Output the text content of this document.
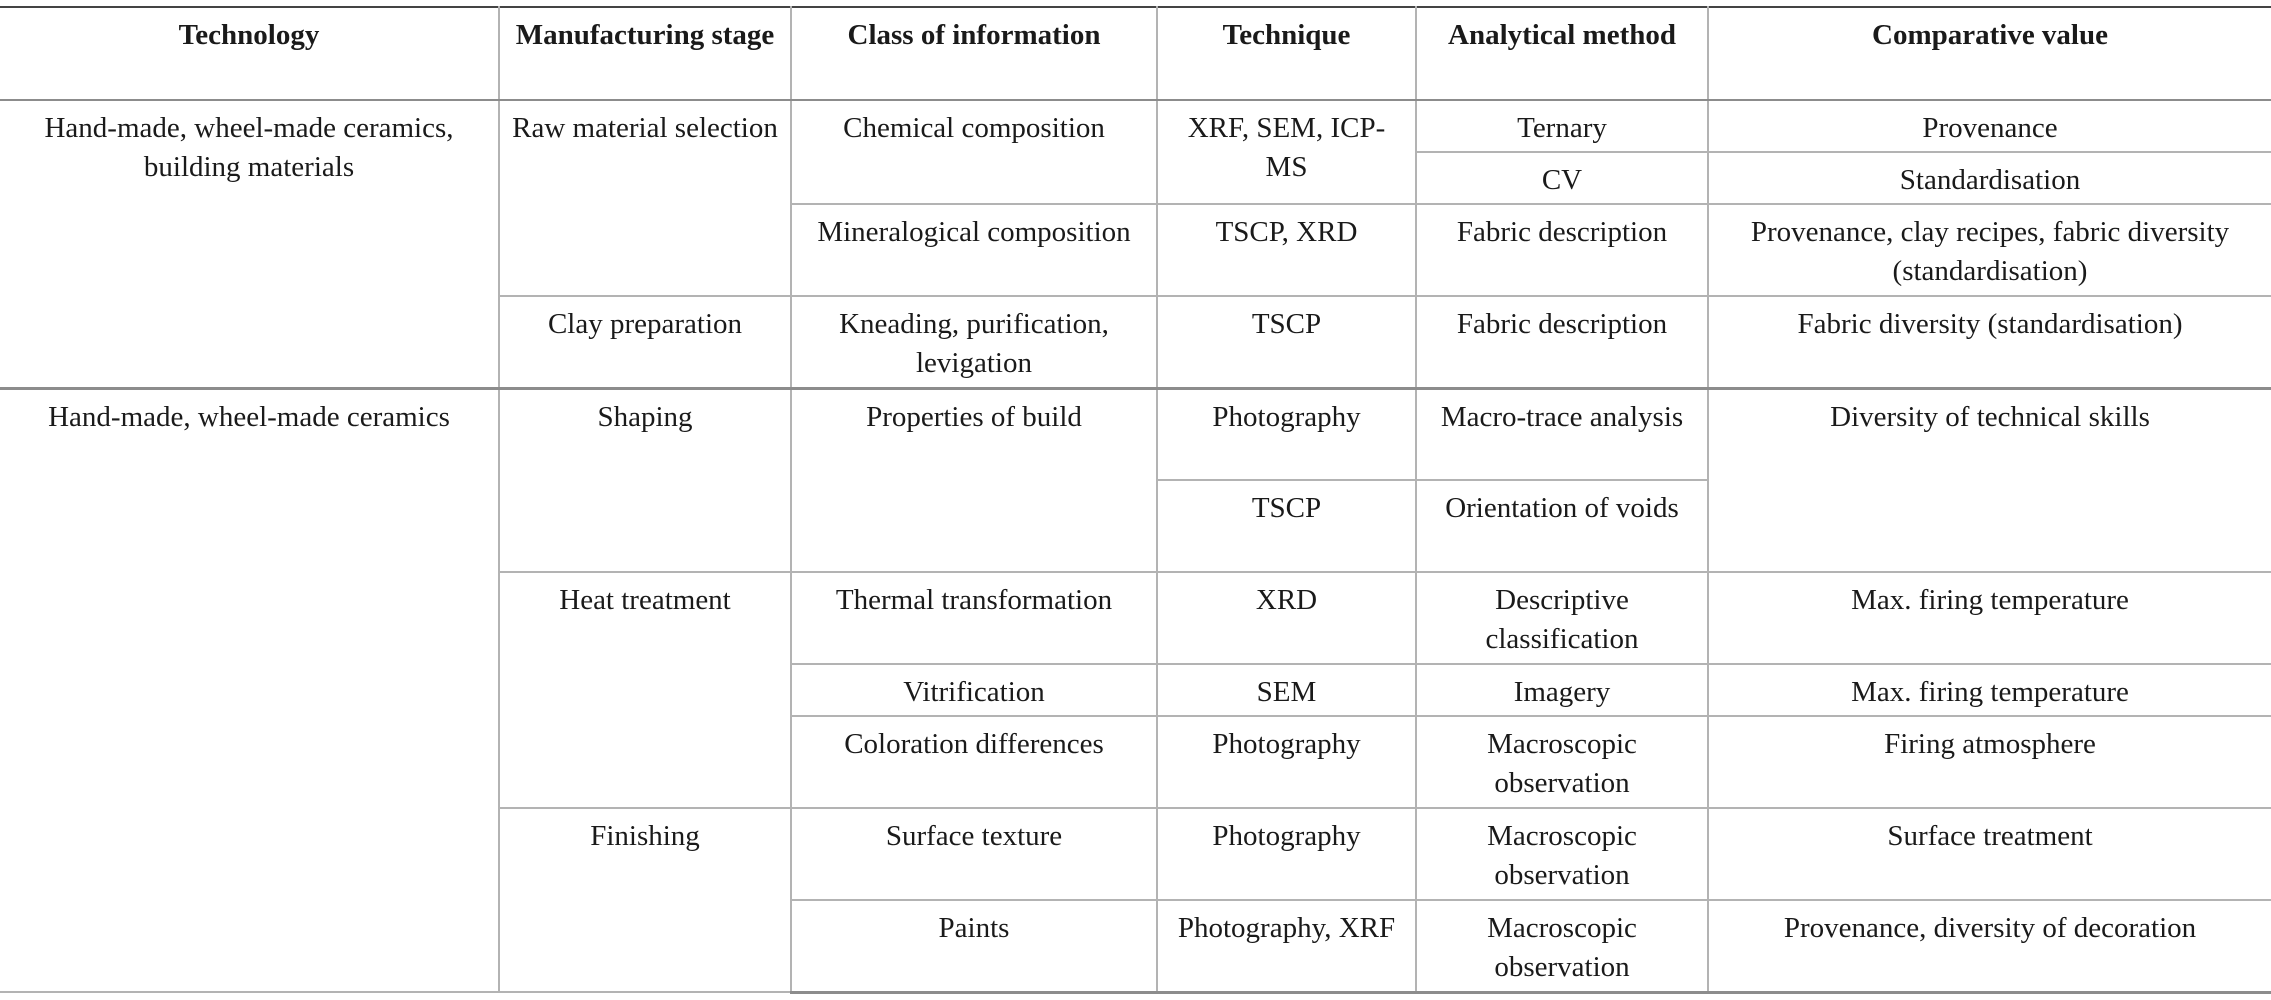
Technology	Manufacturing stage	Class of information	Technique	Analytical method	Comparative value
Hand-made, wheel-made ceramics, building materials	Raw material selection	Chemical composition	XRF, SEM, ICP-MS	Ternary	Provenance
				CV	Standardisation
		Mineralogical composition	TSCP, XRD	Fabric description	Provenance, clay recipes, fabric diversity (standardisation)
	Clay preparation	Kneading, purification, levigation	TSCP	Fabric description	Fabric diversity (standardisation)
Hand-made, wheel-made ceramics	Shaping	Properties of build	Photography	Macro-trace analysis	Diversity of technical skills
			TSCP	Orientation of voids	
	Heat treatment	Thermal transformation	XRD	Descriptive classification	Max. firing temperature
		Vitrification	SEM	Imagery	Max. firing temperature
		Coloration differences	Photography	Macroscopic observation	Firing atmosphere
	Finishing	Surface texture	Photography	Macroscopic observation	Surface treatment
		Paints	Photography, XRF	Macroscopic observation	Provenance, diversity of decoration
